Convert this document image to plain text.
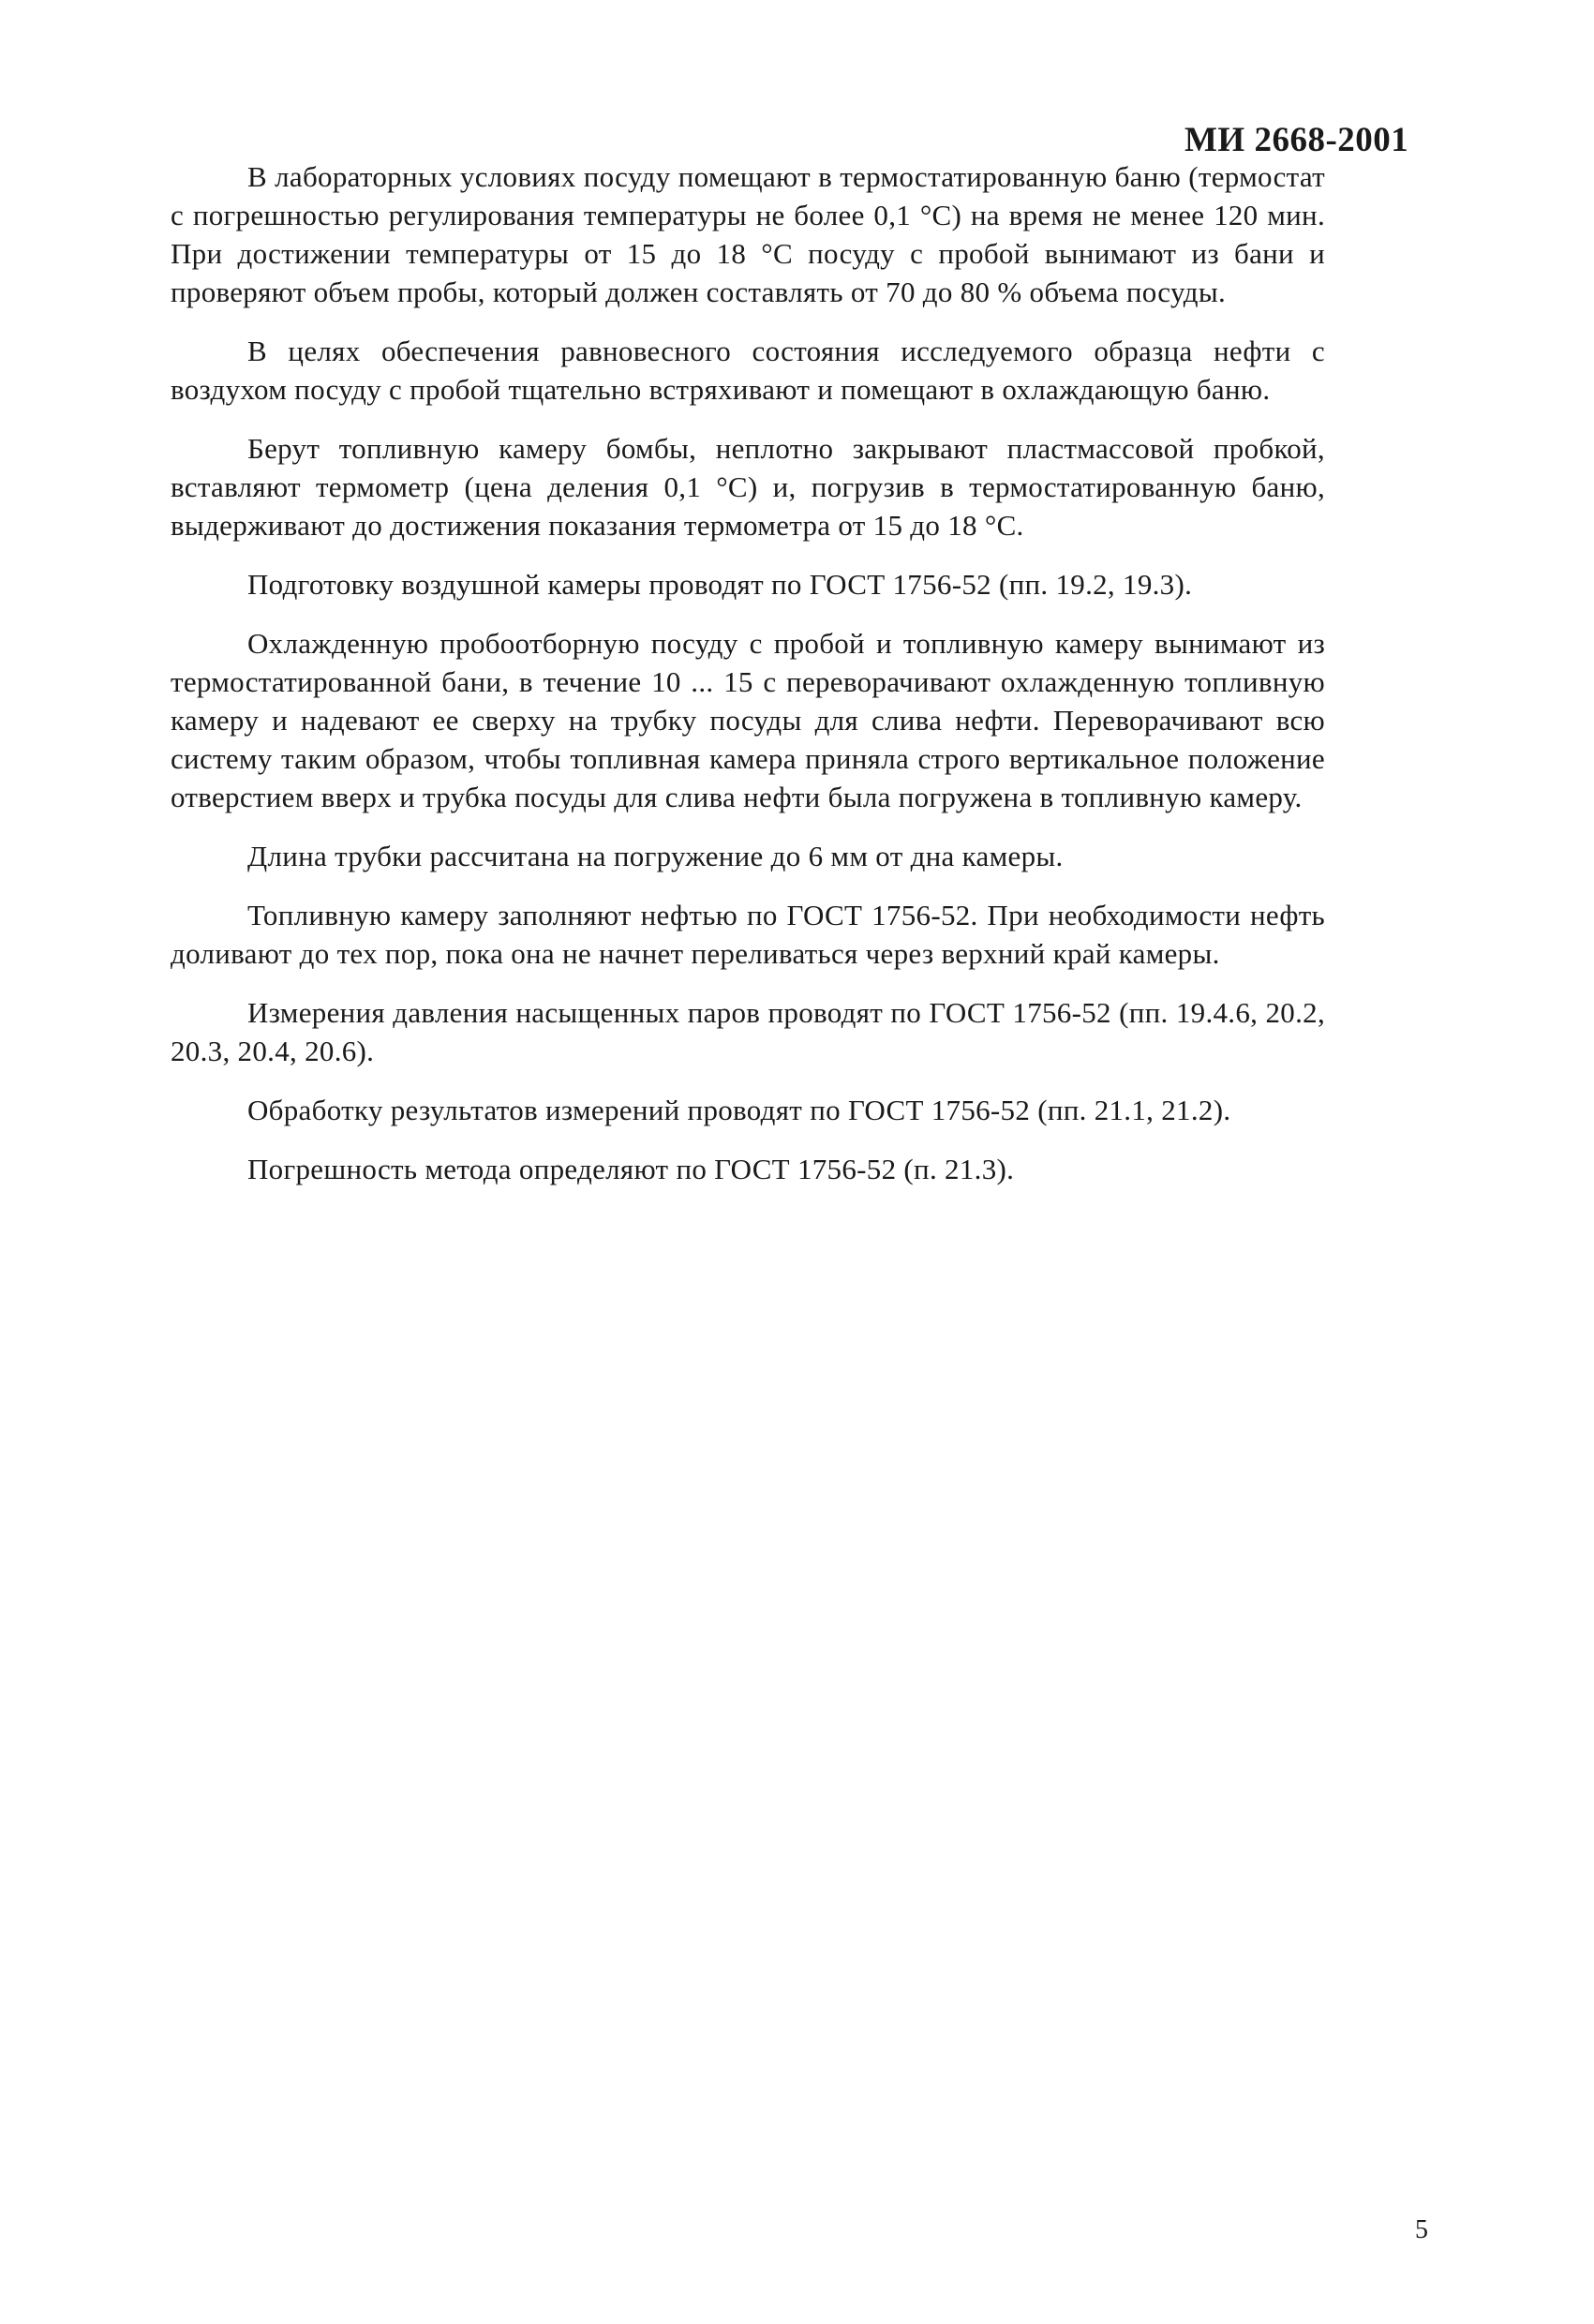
МИ 2668-2001

В лабораторных условиях посуду помещают в термостатированную баню (термостат с погрешностью регулирования температуры не более 0,1 °С) на время не менее 120 мин. При достижении температуры от 15 до 18 °С посуду с пробой вынимают из бани и проверяют объем пробы, который должен составлять от 70 до 80 % объема посуды.

В целях обеспечения равновесного состояния исследуемого образца нефти с воздухом посуду с пробой тщательно встряхивают и помещают в охлаждающую баню.

Берут топливную камеру бомбы, неплотно закрывают пластмассовой пробкой, вставляют термометр (цена деления 0,1 °С) и, погрузив в термостатированную баню, выдерживают до достижения показания термометра от 15 до 18 °С.

Подготовку воздушной камеры проводят по ГОСТ 1756-52 (пп. 19.2, 19.3).

Охлажденную пробоотборную посуду с пробой и топливную камеру вынимают из термостатированной бани, в течение 10 ... 15 с переворачивают охлажденную топливную камеру и надевают ее сверху на трубку посуды для слива нефти. Переворачивают всю систему таким образом, чтобы топливная камера приняла строго вертикальное положение отверстием вверх и трубка посуды для слива нефти была погружена в топливную камеру.

Длина трубки рассчитана на погружение до 6 мм от дна камеры.

Топливную камеру заполняют нефтью по ГОСТ 1756-52. При необходимости нефть доливают до тех пор, пока она не начнет переливаться через верхний край камеры.

Измерения давления насыщенных паров проводят по ГОСТ 1756-52 (пп. 19.4.6, 20.2, 20.3, 20.4, 20.6).

Обработку результатов измерений проводят по ГОСТ 1756-52 (пп. 21.1, 21.2).

Погрешность метода определяют по ГОСТ 1756-52 (п. 21.3).

5
